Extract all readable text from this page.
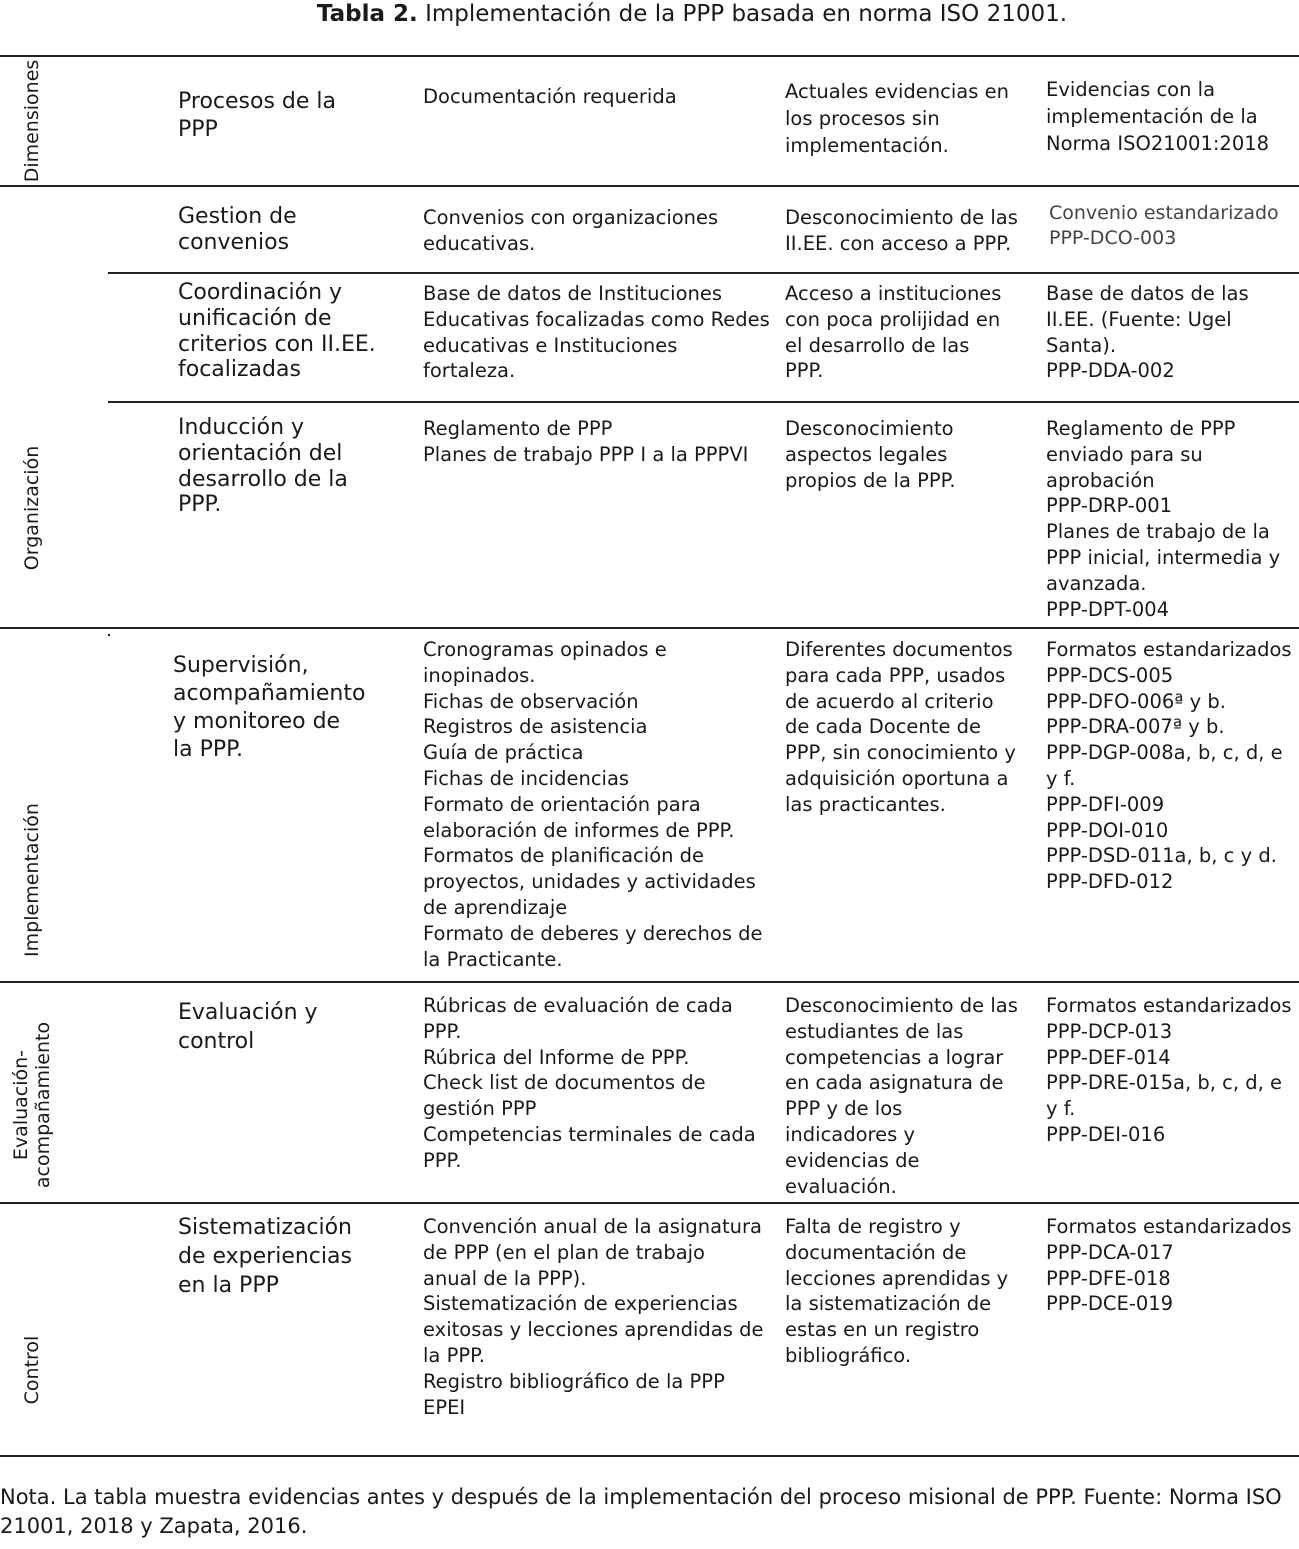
Tabla 2. Implementación de la PPP basada en norma ISO 21001.
Dimensiones
Organización
Implementación
Evaluación-
acompañamiento
Control
Procesos de la
PPP
Documentación requerida	Actuales evidencias en
los procesos sin
implementación.
Evidencias con la
implementación de la
Norma ISO21001:2018
Gestion de
convenios
Convenios con organizaciones
educativas.
Desconocimiento de las
II.EE. con acceso a PPP.
Convenio estandarizado
PPP-DCO-003
Coordinación y
unificación de
criterios con II.EE.
focalizadas
Base de datos de Instituciones
Educativas focalizadas como Redes
educativas e Instituciones fortaleza.
Acceso a instituciones
con poca prolijidad en
el desarrollo de las
PPP.
Base de datos de las
II.EE. (Fuente: Ugel
Santa).
PPP-DDA-002
Inducción y
orientación del
desarrollo de la
PPP.
Reglamento de PPP
Planes de trabajo PPP I a la PPPVI
Desconocimiento
aspectos legales
propios de la PPP.
Reglamento de PPP
enviado para su
aprobación
PPP-DRP-001
Planes de trabajo de la
PPP inicial, intermedia y
avanzada.
PPP-DPT-004
Supervisión,
acompañamiento
y monitoreo de
la PPP.
Cronogramas opinados e
inopinados.
Fichas de observación
Registros de asistencia
Guía de práctica
Fichas de incidencias
Formato de orientación para
elaboración de informes de PPP.
Formatos de planificación de
proyectos, unidades y actividades
de aprendizaje
Formato de deberes y derechos de
la Practicante.
Diferentes documentos
para cada PPP, usados
de acuerdo al criterio
de cada Docente de
PPP, sin conocimiento y
adquisición oportuna a
las practicantes.
Formatos estandarizados
PPP-DCS-005
PPP-DFO-006ª y b.
PPP-DRA-007ª y b.
PPP-DGP-008a, b, c, d, e
y f.
PPP-DFI-009
PPP-DOI-010
PPP-DSD-011a, b, c y d.
PPP-DFD-012
Evaluación y
control
Rúbricas de evaluación de cada
PPP.
Rúbrica del Informe de PPP.
Check list de documentos de
gestión PPP
Competencias terminales de cada
PPP.
Desconocimiento de las
estudiantes de las
competencias a lograr
en cada asignatura de
PPP y de los
indicadores y
evidencias de
evaluación.
Formatos estandarizados
PPP-DCP-013
PPP-DEF-014
PPP-DRE-015a, b, c, d, e
y f.
PPP-DEI-016
Sistematización
de experiencias
en la PPP
Convención anual de la asignatura
de PPP (en el plan de trabajo
anual de la PPP).
Sistematización de experiencias
exitosas y lecciones aprendidas de
la PPP.
Registro bibliográfico de la PPP
EPEI
Falta de registro y
documentación de
lecciones aprendidas y
la sistematización de
estas en un registro
bibliográfico.
Formatos estandarizados
PPP-DCA-017
PPP-DFE-018
PPP-DCE-019
Nota. La tabla muestra evidencias antes y después de la implementación del proceso misional de PPP. Fuente: Norma ISO 21001, 2018 y Zapata, 2016.
